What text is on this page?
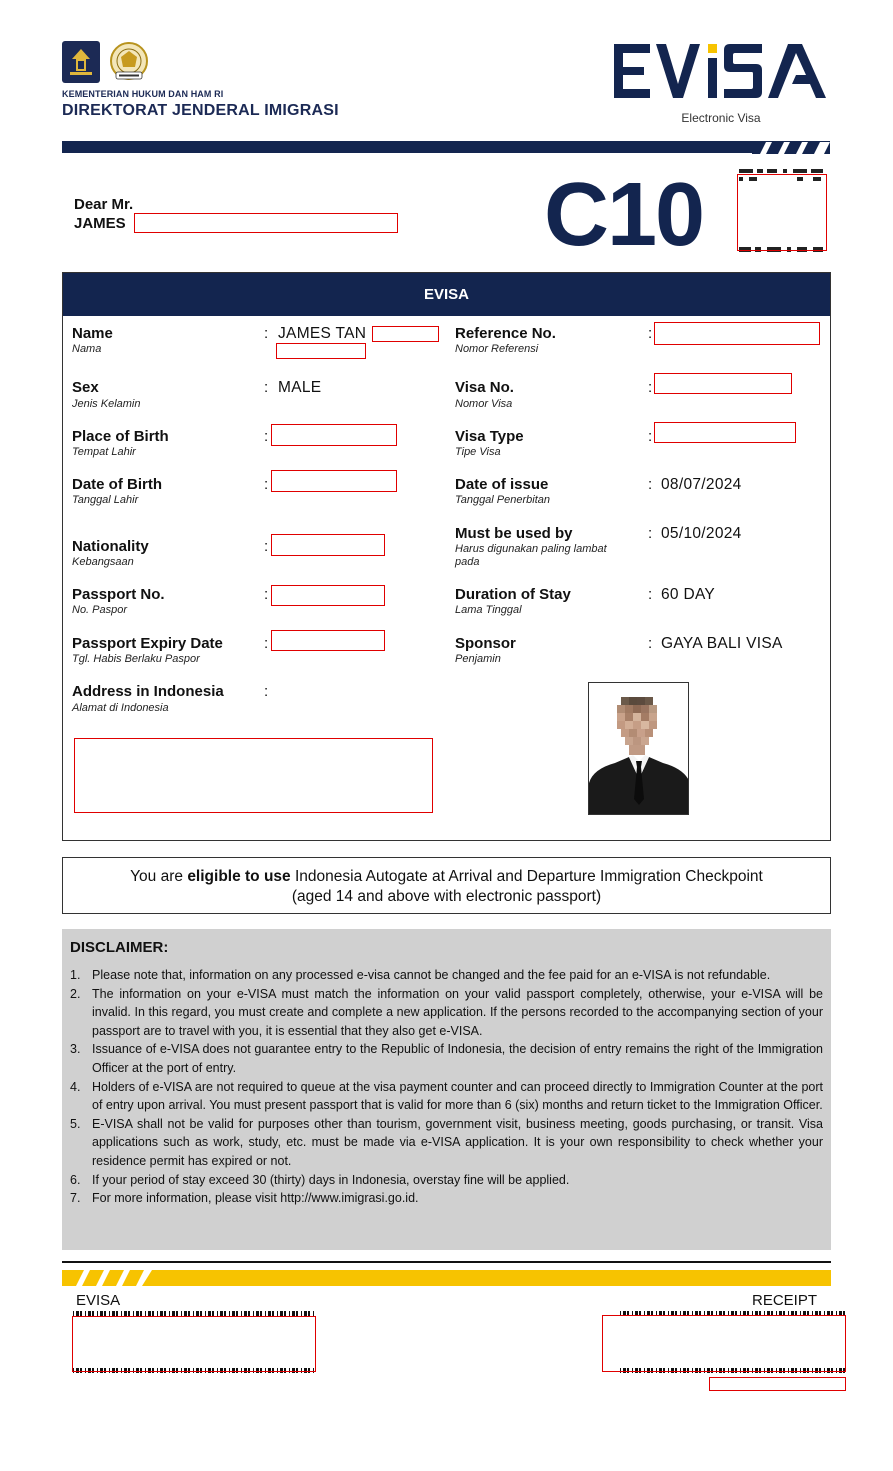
KEMENTERIAN HUKUM DAN HAM RI
DIREKTORAT JENDERAL IMIGRASI	Electronic Visa
Dear Mr.
JAMES	C10
EVISA
Name
Nama
: JAMES TAN
Sex
Jenis Kelamin
: MALE
Place of Birth
Tempat Lahir
:
Date of Birth
Tanggal Lahir
:
Nationality
Kebangsaan
:
Passport No.
No. Paspor
:
Passport Expiry Date
Tgl. Habis Berlaku Paspor
:
Address in Indonesia
Alamat di Indonesia
:
Reference No.
Nomor Referensi
:
Visa No.
Nomor Visa
:
Visa Type
Tipe Visa
:
Date of issue
Tanggal Penerbitan
: 08/07/2024
Must be used by
Harus digunakan paling lambat pada
: 05/10/2024
Duration of Stay
Lama Tinggal
: 60 DAY
Sponsor
Penjamin
: GAYA BALI VISA
You are eligible to use Indonesia Autogate at Arrival and Departure Immigration Checkpoint
(aged 14 and above with electronic passport)
DISCLAIMER:
1. Please note that, information on any processed e-visa cannot be changed and the fee paid for an e-VISA is not refundable.
2. The information on your e-VISA must match the information on your valid passport completely, otherwise, your e-VISA will be invalid. In this regard, you must create and complete a new application. If the persons recorded to the accompanying section of your passport are to travel with you, it is essential that they also get e-VISA.
3. Issuance of e-VISA does not guarantee entry to the Republic of Indonesia, the decision of entry remains the right of the Immigration Officer at the port of entry.
4. Holders of e-VISA are not required to queue at the visa payment counter and can proceed directly to Immigration Counter at the port of entry upon arrival. You must present passport that is valid for more than 6 (six) months and return ticket to the Immigration Officer.
5. E-VISA shall not be valid for purposes other than tourism, government visit, business meeting, goods purchasing, or transit. Visa applications such as work, study, etc. must be made via e-VISA application. It is your own responsibility to check whether your residence permit has expired or not.
6. If your period of stay exceed 30 (thirty) days in Indonesia, overstay fine will be applied.
7. For more information, please visit http://www.imigrasi.go.id.
EVISA	RECEIPT
